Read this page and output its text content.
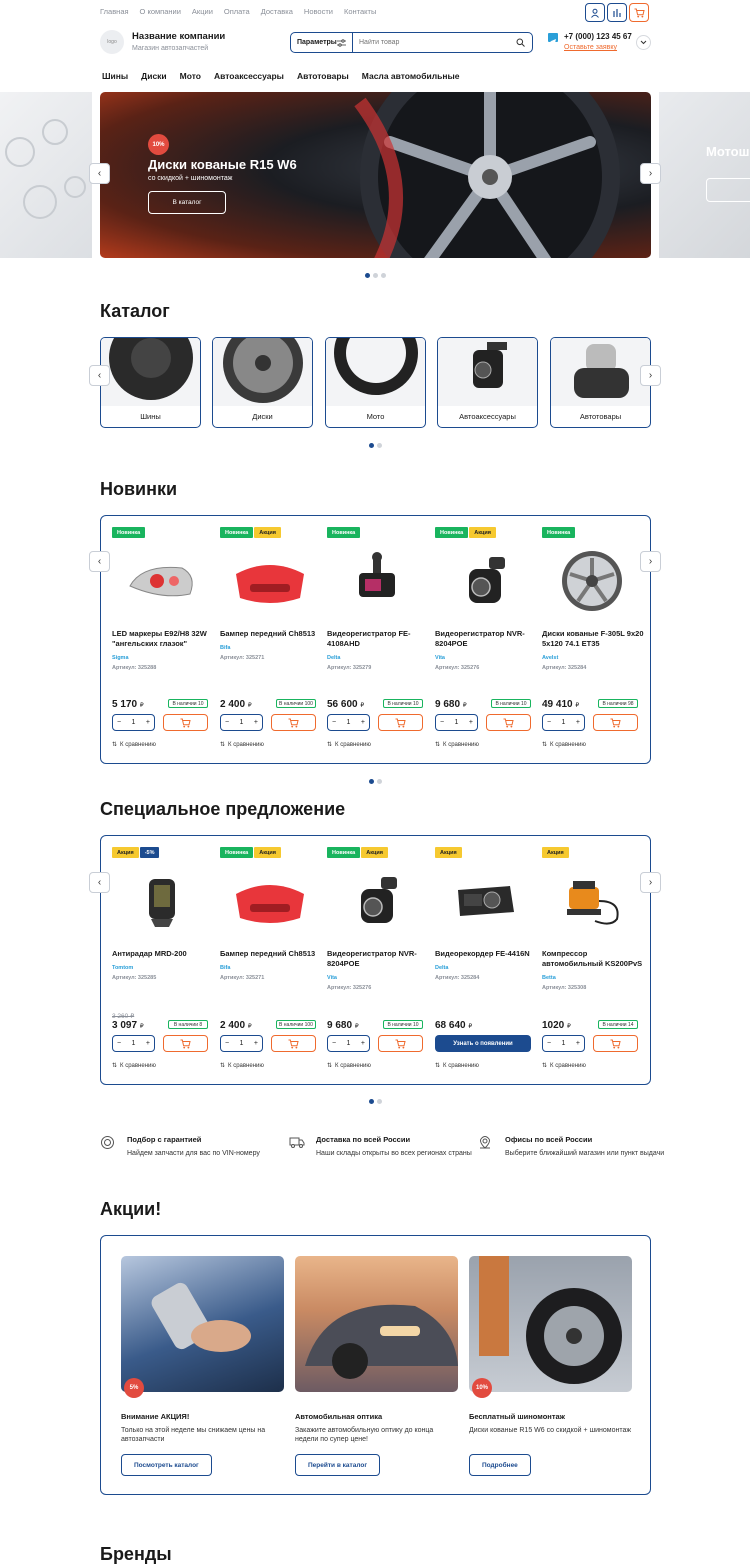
Главная О компании Акции Оплата Доставка Новости Контакты
logo	Название компании
Магазин автозапчастей
Параметры
Найти товар
+7 (000) 123 45 67
Оставьте заявку
Шины Диски Мото Автоаксессуары Автотовары Масла автомобильные
Мотош
10%
Диски кованые R15 W6
со скидкой + шиномонтаж
В каталог
‹	›
Каталог
Шины	Диски	Мото	Автоаксессуары	Автотовары
‹	›
Новинки
Новинка
LED маркеры E92/H8 32W "ангельских глазок"
Sigma
Артикул: 325288
5 170 ₽	В наличии 10
− 1 +
⇅ К сравнению
Новинка	Акция
Бампер передний Ch8513
Bifa
Артикул: 325271
2 400 ₽	В наличии 100
− 1 +
⇅ К сравнению
Новинка
Видеорегистратор FE-4108AHD
Delta
Артикул: 325279
56 600 ₽	В наличии 10
− 1 +
⇅ К сравнению
Новинка	Акция
Видеорегистратор NVR-8204POE
Vita
Артикул: 325276
9 680 ₽	В наличии 10
− 1 +
⇅ К сравнению
Новинка
Диски кованые F-305L 9x20 5x120 74.1 ET35
Avelst
Артикул: 325284
49 410 ₽	В наличии 98
− 1 +
⇅ К сравнению
‹	›
Специальное предложение
Акция	-5%
Антирадар MRD-200
Tomtom
Артикул: 325285
3 260 ₽
3 097 ₽	В наличии 8
− 1 +
⇅ К сравнению
Новинка	Акция
Бампер передний Ch8513
Bifa
Артикул: 325271
2 400 ₽	В наличии 100
− 1 +
⇅ К сравнению
Новинка	Акция
Видеорегистратор NVR-8204POE
Vita
Артикул: 325276
9 680 ₽	В наличии 10
− 1 +
⇅ К сравнению
Акция
Видеорекордер FE-4416N
Delta
Артикул: 325284
68 640 ₽
Узнать о появлении
⇅ К сравнению
Акция
Компрессор автомобильный KS200PvS
Betta
Артикул: 325308
1020 ₽	В наличии 14
− 1 +
⇅ К сравнению
‹	›
Подбор с гарантией
Найдем запчасти для вас по VIN-номеру
Доставка по всей России
Наши склады открыты во всех регионах страны
Офисы по всей России
Выберите ближайший магазин или пункт выдачи
Акции!
5%
Внимание АКЦИЯ!
Только на этой неделе мы снижаем цены на автозапчасти
Посмотреть каталог
Автомобильная оптика
Закажите автомобильную оптику до конца недели по супер цене!
Перейти в каталог
10%
Бесплатный шиномонтаж
Диски кованые R15 W6 со скидкой + шиномонтаж
Подробнее
Бренды
